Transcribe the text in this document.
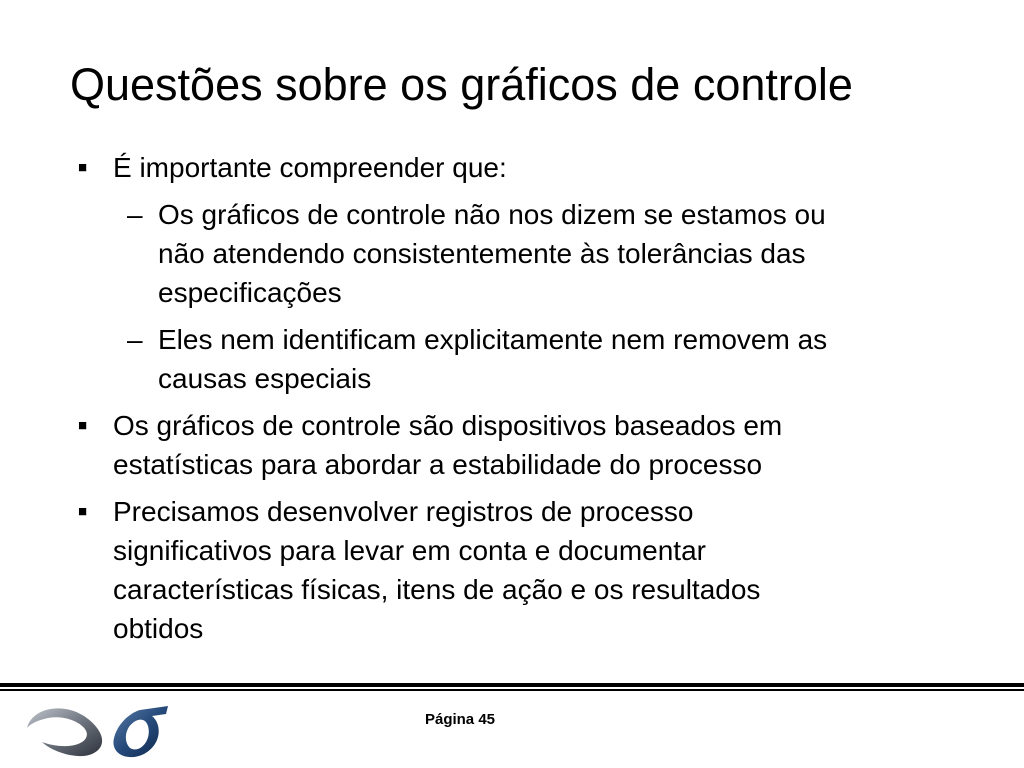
Questões sobre os gráficos de controle
■ É importante compreender que:
– Os gráficos de controle não nos dizem se estamos ou
não atendendo consistentemente às tolerâncias das
especificações
– Eles nem identificam explicitamente nem removem as
causas especiais
■ Os gráficos de controle são dispositivos baseados em
estatísticas para abordar a estabilidade do processo
■ Precisamos desenvolver registros de processo
significativos para levar em conta e documentar
características físicas, itens de ação e os resultados
obtidos
Página 45
